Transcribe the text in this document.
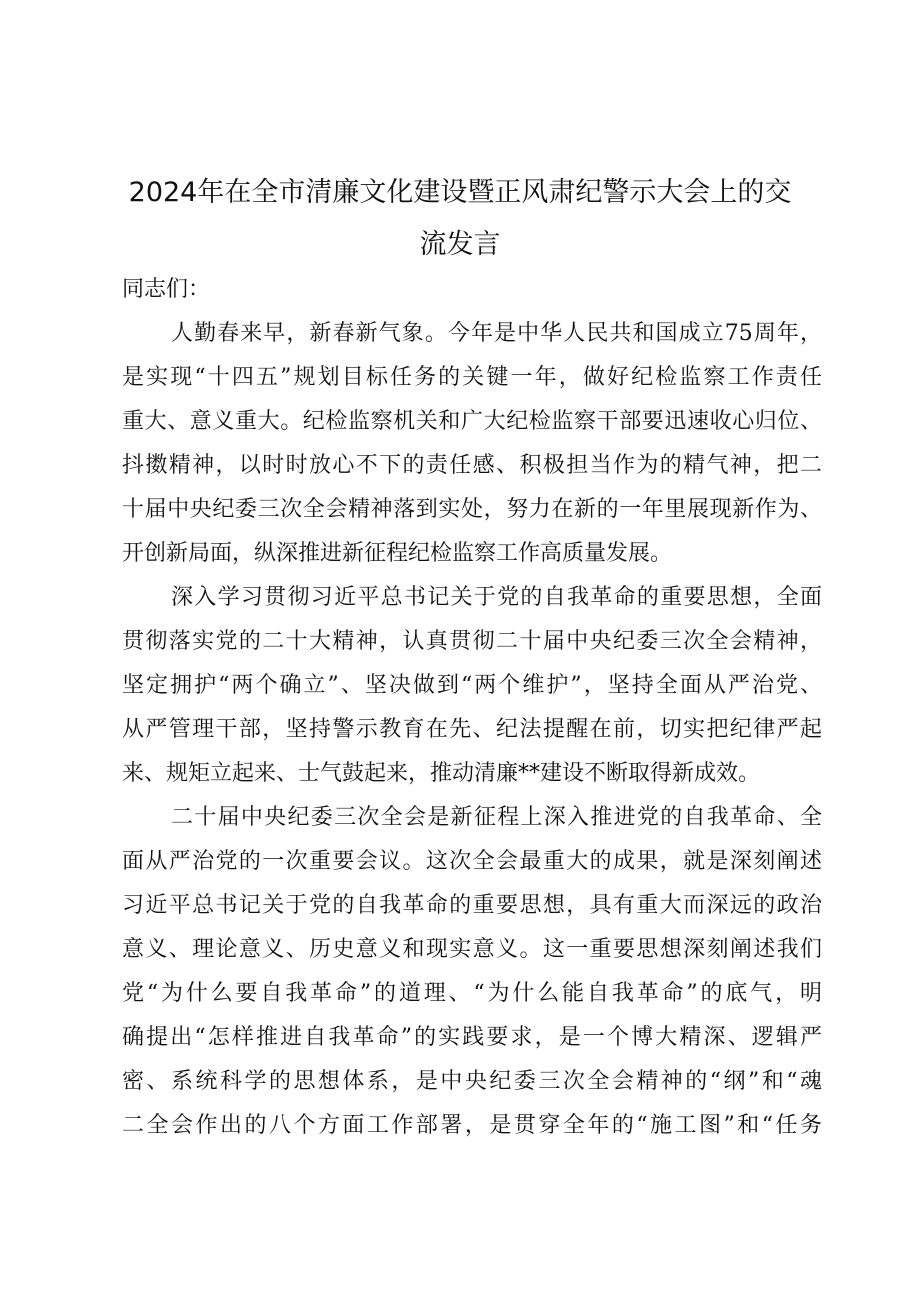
2024年在全市清廉文化建设暨正风肃纪警示大会上的交
流发言
同志们：
人勤春来早，新春新气象。今年是中华人民共和国成立75周年，
是实现“十四五”规划目标任务的关键一年，做好纪检监察工作责任
重大、意义重大。纪检监察机关和广大纪检监察干部要迅速收心归位、
抖擞精神，以时时放心不下的责任感、积极担当作为的精气神，把二
十届中央纪委三次全会精神落到实处，努力在新的一年里展现新作为、
开创新局面，纵深推进新征程纪检监察工作高质量发展。
深入学习贯彻习近平总书记关于党的自我革命的重要思想，全面
贯彻落实党的二十大精神，认真贯彻二十届中央纪委三次全会精神，
坚定拥护“两个确立”、坚决做到“两个维护”，坚持全面从严治党、
从严管理干部，坚持警示教育在先、纪法提醒在前，切实把纪律严起
来、规矩立起来、士气鼓起来，推动清廉**建设不断取得新成效。
二十届中央纪委三次全会是新征程上深入推进党的自我革命、全
面从严治党的一次重要会议。这次全会最重大的成果，就是深刻阐述
习近平总书记关于党的自我革命的重要思想，具有重大而深远的政治
意义、理论意义、历史意义和现实意义。这一重要思想深刻阐述我们
党“为什么要自我革命”的道理、“为什么能自我革命”的底气，明
确提出“怎样推进自我革命”的实践要求，是一个博大精深、逻辑严
密、系统科学的思想体系，是中央纪委三次全会精神的“纲”和“魂
二全会作出的八个方面工作部署，是贯穿全年的“施工图”和“任务
